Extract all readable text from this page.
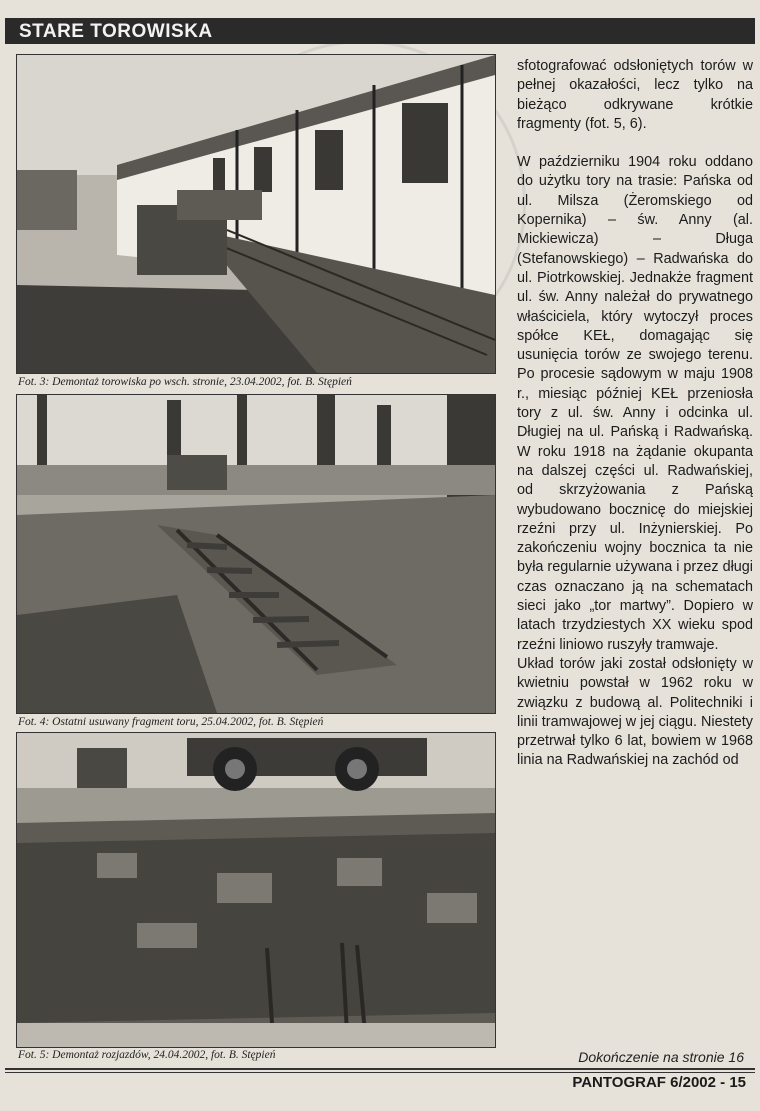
STARE TOROWISKA
Fot. 3: Demontaż torowiska po wsch. stronie, 23.04.2002, fot. B. Stępień
Fot. 4: Ostatni usuwany fragment toru, 25.04.2002, fot. B. Stępień
Fot. 5: Demontaż rozjazdów, 24.04.2002, fot. B. Stępień

sfotografować odsłoniętych torów w pełnej okazałości, lecz tylko na bieżąco odkrywane krótkie fragmenty (fot. 5, 6).

W październiku 1904 roku oddano do użytku tory na trasie: Pańska od ul. Milsza (Żeromskiego od Kopernika) – św. Anny (al. Mickiewicza) – Długa (Stefanowskiego) – Radwańska do ul. Piotrkowskiej. Jednakże fragment ul. św. Anny należał do prywatnego właściciela, który wytoczył proces spółce KEŁ, domagając się usunięcia torów ze swojego terenu. Po procesie sądowym w maju 1908 r., miesiąc później KEŁ przeniosła tory z ul. św. Anny i odcinka ul. Długiej na ul. Pańską i Radwańską. W roku 1918 na żądanie okupanta na dalszej części ul. Radwańskiej, od skrzyżowania z Pańską wybudowano bocznicę do miejskiej rzeźni przy ul. Inżynierskiej. Po zakończeniu wojny bocznica ta nie była regularnie używana i przez długi czas oznaczano ją na schematach sieci jako „tor martwy”. Dopiero w latach trzydziestych XX wieku spod rzeźni liniowo ruszyły tramwaje.

Układ torów jaki został odsłonięty w kwietniu powstał w 1962 roku w związku z budową al. Politechniki i linii tramwajowej w jej ciągu. Niestety przetrwał tylko 6 lat, bowiem w 1968 linia na Radwańskiej na zachód od

Dokończenie na stronie 16
PANTOGRAF 6/2002 - 15
